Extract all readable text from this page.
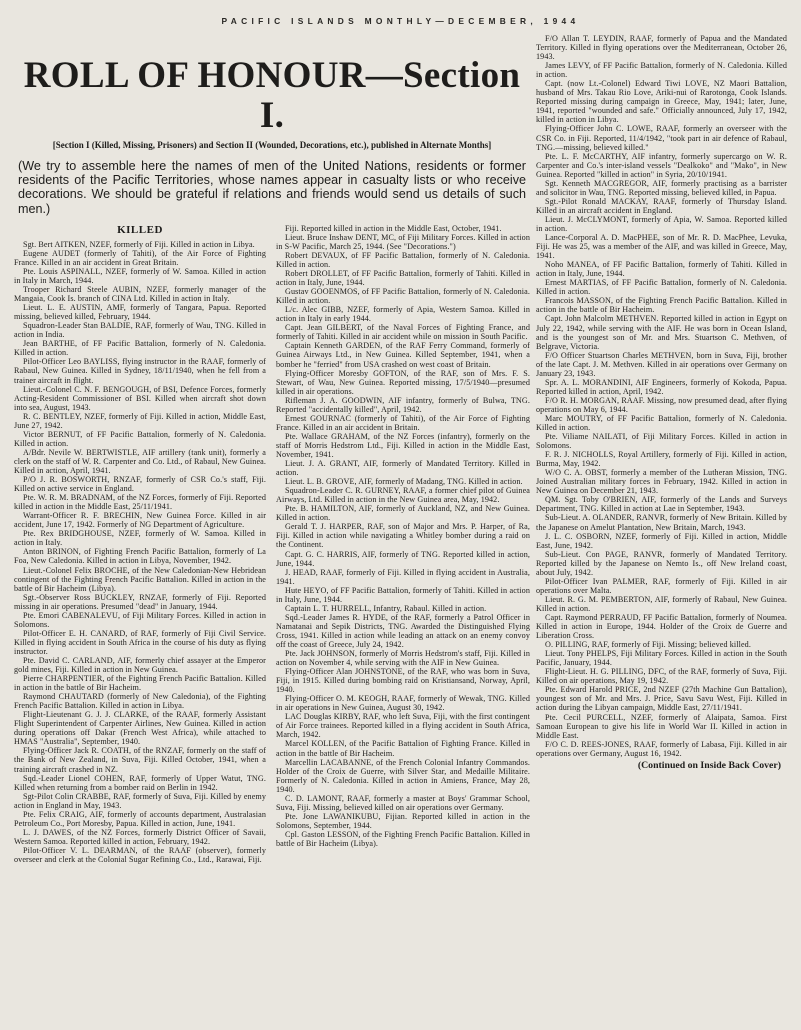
PACIFIC ISLANDS MONTHLY—DECEMBER, 1944
ROLL OF HONOUR—Section I.
[Section I (Killed, Missing, Prisoners) and Section II (Wounded, Decorations, etc.), published in Alternate Months]
(We try to assemble here the names of men of the United Nations, residents or former residents of the Pacific Territories, whose names appear in casualty lists or who receive decorations. We should be grateful if relations and friends would send us details of such men.)
KILLED

Sgt. Bert AITKEN, NZEF, formerly of Fiji. Killed in action in Libya.

Eugene AUDET (formerly of Tahiti), of the Air Force of Fighting France. Killed in an air accident in Great Britain.

Pte. Louis ASPINALL, NZEF, formerly of W. Samoa. Killed in action in Italy in March, 1944.

Trooper Richard Steele AUBIN, NZEF, formerly manager of the Mangaia, Cook Is. branch of CINA Ltd. Killed in action in Italy.

Lieut. L. E. AUSTIN, AMF, formerly of Tangara, Papua. Reported missing, believed killed, February, 1944.

Squadron-Leader Stan BALDIE, RAF, formerly of Wau, TNG. Killed in action in India.

Jean BARTHE, of FF Pacific Battalion, formerly of N. Caledonia. Killed in action.

Pilot-Officer Leo BAYLISS, flying instructor in the RAAF, formerly of Rabaul, New Guinea. Killed in Sydney, 18/11/1940, when he fell from a trainer aircraft in flight.

Lieut.-Colonel C. N. F. BENGOUGH, of BSI, Defence Forces, formerly Acting-Resident Commissioner of BSI. Killed when aircraft shot down into sea, August, 1943.

R. C. BENTLEY, NZEF, formerly of Fiji. Killed in action, Middle East, June 27, 1942.

Victor BERNUT, of FF Pacific Battalion, formerly of N. Caledonia. Killed in action.

A/Bdr. Nevile W. BERTWISTLE, AIF artillery (tank unit), formerly a clerk on the staff of W. R. Carpenter and Co. Ltd., of Rabaul, New Guinea. Killed in action, April, 1941.

P/O J. R. BOSWORTH, RNZAF, formerly of CSR Co.'s staff, Fiji. Killed on active service in England.

Pte. W. R. M. BRADNAM, of the NZ Forces, formerly of Fiji. Reported killed in action in the Middle East, 25/11/1941.

Warrant-Officer R. F. BRECHIN, New Guinea Force. Killed in air accident, June 17, 1942. Formerly of NG Department of Agriculture.

Pte. Rex BRIDGHOUSE, NZEF, formerly of W. Samoa. Killed in action in Italy.

Anton BRINON, of Fighting French Pacific Battalion, formerly of La Foa, New Caledonia. Killed in action in Libya, November, 1942.

Lieut.-Colonel Felix BROCHE, of the New Caledonian-New Hebridean contingent of the Fighting French Pacific Battalion. Killed in action in the battle of Bir Hacheim (Libya).

Sgt.-Observer Ross BUCKLEY, RNZAF, formerly of Fiji. Reported missing in air operations. Presumed "dead" in January, 1944.

Pte. Emori CABENALEVU, of Fiji Military Forces. Killed in action in Solomons.

Pilot-Officer E. H. CANARD, of RAF, formerly of Fiji Civil Service. Killed in flying accident in South Africa in the course of his duty as flying instructor.

Pte. David C. CARLAND, AIF, formerly chief assayer at the Emperor gold mines, Fiji. Killed in action in New Guinea.

Pierre CHARPENTIER, of the Fighting French Pacific Battalion. Killed in action in the battle of Bir Hacheim.

Raymond CHAUTARD (formerly of New Caledonia), of the Fighting French Pacific Battalion. Killed in action in Libya.

Flight-Lieutenant G. J. J. CLARKE, of the RAAF, formerly Assistant Flight Superintendent of Carpenter Airlines, New Guinea. Killed in action during operations off Dakar (French West Africa), while attached to HMAS "Australia", September, 1940.

Flying-Officer Jack R. COATH, of the RNZAF, formerly on the staff of the Bank of New Zealand, in Suva, Fiji. Killed October, 1941, when a training aircraft crashed in NZ.

Sqd.-Leader Lionel COHEN, RAF, formerly of Upper Watut, TNG. Killed when returning from a bomber raid on Berlin in 1942.

Sgt-Pilot Colin CRABBE, RAF, formerly of Suva, Fiji. Killed by enemy action in England in May, 1943.

Pte. Felix CRAIG, AIF, formerly of accounts department, Australasian Petroleum Co., Port Moresby, Papua. Killed in action, June, 1941.

L. J. DAWES, of the NZ Forces, formerly District Officer of Savaii, Western Samoa. Reported killed in action, February, 1942.

Pilot-Officer V. L. DEARMAN, of the RAAF (observer), formerly overseer and clerk at the Colonial Sugar Refining Co., Ltd., Rarawai, Fiji.

Fiji. Reported killed in action in the Middle East, October, 1941.

Lieut. Bruce Inshaw DENT, MC, of Fiji Military Forces. Killed in action in S-W Pacific, March 25, 1944. (See "Decorations.")

Robert DEVAUX, of FF Pacific Battalion, formerly of N. Caledonia. Killed in action.

Robert DROLLET, of FF Pacific Battalion, formerly of Tahiti. Killed in action in Italy, June, 1944.

Gustav GOOENMOS, of FF Pacific Battalion, formerly of N. Caledonia. Killed in action.

L/c. Alec GIBB, NZEF, formerly of Apia, Western Samoa. Killed in action in Italy in early 1944.

Capt. Jean GILBERT, of the Naval Forces of Fighting France, and formerly of Tahiti. Killed in air accident while on mission in South Pacific.

Captain Kenneth GARDEN, of the RAF Ferry Command, formerly of Guinea Airways Ltd., in New Guinea. Killed September, 1941, when a bomber he "ferried" from USA crashed on west coast of Britain.

Flying-Officer Moresby GOFTON, of the RAF, son of Mrs. F. S. Stewart, of Wau, New Guinea. Reported missing, 17/5/1940—presumed killed in air operations.

Rifleman J. A. GOODWIN, AIF infantry, formerly of Bulwa, TNG. Reported "accidentally killed", April, 1942.

Ernest GOURNAC (formerly of Tahiti), of the Air Force of Fighting France. Killed in an air accident in Britain.

Pte. Wallace GRAHAM, of the NZ Forces (infantry), formerly on the staff of Morris Hedstrom Ltd., Fiji. Killed in action in the Middle East, November, 1941.

Lieut. J. A. GRANT, AIF, formerly of Mandated Territory. Killed in action.

Lieut. L. B. GROVE, AIF, formerly of Madang, TNG. Killed in action.

Squadron-Leader C. R. GURNEY, RAAF, a former chief pilot of Guinea Airways, Ltd. Killed in action in the New Guinea area, May, 1942.

Pte. B. HAMILTON, AIF, formerly of Auckland, NZ, and New Guinea. Killed in action.

Gerald T. J. HARPER, RAF, son of Major and Mrs. P. Harper, of Ra, Fiji. Killed in action while navigating a Whitley bomber during a raid on the Continent.

Capt. G. C. HARRIS, AIF, formerly of TNG. Reported killed in action, June, 1944.

J. HEAD, RAAF, formerly of Fiji. Killed in flying accident in Australia, 1941.

Hute HEYO, of FF Pacific Battalion, formerly of Tahiti. Killed in action in Italy, June, 1944.

Captain L. T. HURRELL, Infantry, Rabaul. Killed in action.

Sqd.-Leader James R. HYDE, of the RAF, formerly a Patrol Officer in Namatanai and Sepik Districts, TNG. Awarded the Distinguished Flying Cross, 1941. Killed in action while leading an attack on an enemy convoy off the coast of Greece, July 24, 1942.

Pte. Jack JOHNSON, formerly of Morris Hedstrom's staff, Fiji. Killed in action on November 4, while serving with the AIF in New Guinea.

Flying-Officer Alan JOHNSTONE, of the RAF, who was born in Suva, Fiji, in 1915. Killed during bombing raid on Kristiansand, Norway, April, 1940.

Flying-Officer O. M. KEOGH, RAAF, formerly of Wewak, TNG. Killed in air operations in New Guinea, August 30, 1942.

LAC Douglas KIRBY, RAF, who left Suva, Fiji, with the first contingent of Air Force trainees. Reported killed in a flying accident in South Africa, March, 1942.

Marcel KOLLEN, of the Pacific Battalion of Fighting France. Killed in action in the battle of Bir Hacheim.

Marcellin LACABANNE, of the French Colonial Infantry Commandos. Holder of the Croix de Guerre, with Silver Star, and Medaille Militaire. Formerly of N. Caledonia. Killed in action in Amiens, France, May 28, 1940.

C. D. LAMONT, RAAF, formerly a master at Boys' Grammar School, Suva, Fiji. Missing, believed killed on air operations over Germany.

Pte. Jone LAWANIKUBU, Fijian. Reported killed in action in the Solomons, September, 1944.

Cpl. Gaston LESSON, of the Fighting French Pacific Battalion. Killed in battle of Bir Hacheim (Libya).

F/O Allan T. LEYDIN, RAAF, formerly of Papua and the Mandated Territory. Killed in flying operations over the Mediterranean, October 26, 1943.

James LEVY, of FF Pacific Battalion, formerly of N. Caledonia. Killed in action.

Capt. (now Lt.-Colonel) Edward Tiwi LOVE, NZ Maori Battalion, husband of Mrs. Takau Rio Love, Ariki-nui of Rarotonga, Cook Islands. Reported missing during campaign in Greece, May, 1941; later, June, 1941, reported "wounded and safe." Officially announced, July 17, 1942, killed in action in Libya.

Flying-Officer John C. LOWE, RAAF, formerly an overseer with the CSR Co. in Fiji. Reported, 11/4/1942, "took part in air defence of Rabaul, TNG.—missing, believed killed."

Pte. L. F. McCARTHY, AIF infantry, formerly supercargo on W. R. Carpenter and Co.'s inter-island vessels "Dealkoko" and "Mako", in New Guinea. Reported "killed in action" in Syria, 20/10/1941.

Sgt. Kenneth MACGREGOR, AIF, formerly practising as a barrister and solicitor in Wau, TNG. Reported missing, believed killed, in Papua.

Sgt.-Pilot Ronald MACKAY, RAAF, formerly of Thursday Island. Killed in an aircraft accident in England.

Lieut. J. McCLYMONT, formerly of Apia, W. Samoa. Reported killed in action.

Lance-Corporal A. D. MacPHEE, son of Mr. R. D. MacPhee, Levuka, Fiji. He was 25, was a member of the AIF, and was killed in Greece, May, 1941.

Noho MANEA, of FF Pacific Battalion, formerly of Tahiti. Killed in action in Italy, June, 1944.

Ernest MARTIAS, of FF Pacific Battalion, formerly of N. Caledonia. Killed in action.

Francois MASSON, of the Fighting French Pacific Battalion. Killed in action in the battle of Bir Hacheim.

Capt. John Malcolm METHVEN. Reported killed in action in Egypt on July 22, 1942, while serving with the AIF. He was born in Ocean Island, and is the youngest son of Mr. and Mrs. Stuartson C. Methven, of Belgrave, Victoria.

F/O Officer Stuartson Charles METHVEN, born in Suva, Fiji, brother of the late Capt. J. M. Methven. Killed in air operations over Germany on January 23, 1943.

Spr. A. L. MORANDINI, AIF Engineers, formerly of Kokoda, Papua. Reported killed in action, April, 1942.

F/O R. H. MORGAN, RAAF. Missing, now presumed dead, after flying operations on May 6, 1944.

Marc MOUTRY, of FF Pacific Battalion, formerly of N. Caledonia. Killed in action.

Pte. Viliame NAILATI, of Fiji Military Forces. Killed in action in Solomons.

F. R. J. NICHOLLS, Royal Artillery, formerly of Fiji. Killed in action, Burma, May, 1942.

W/O C. A. OBST, formerly a member of the Lutheran Mission, TNG. Joined Australian military forces in February, 1942. Killed in action in New Guinea on December 21, 1943.

QM. Sgt. Toby O'BRIEN, AIF, formerly of the Lands and Surveys Department, TNG. Killed in action at Lae in September, 1943.

Sub-Lieut. A. OLANDER, RANVR, formerly of New Britain. Killed by the Japanese on Amelut Plantation, New Britain, March, 1943.

J. L. C. OSBORN, NZEF, formerly of Fiji. Killed in action, Middle East, June, 1942.

Sub-Lieut. Con PAGE, RANVR, formerly of Mandated Territory. Reported killed by the Japanese on Nemto Is., off New Ireland coast, about July, 1942.

Pilot-Officer Ivan PALMER, RAF, formerly of Fiji. Killed in air operations over Malta.

Lieut. R. G. M. PEMBERTON, AIF, formerly of Rabaul, New Guinea. Killed in action.

Capt. Raymond PERRAUD, FF Pacific Battalion, formerly of Noumea. Killed in action in Europe, 1944. Holder of the Croix de Guerre and Liberation Cross.

O. PILLING, RAF, formerly of Fiji. Missing; believed killed.

Lieut. Tony PHELPS, Fiji Military Forces. Killed in action in the South Pacific, January, 1944.

Flight-Lieut. H. G. PILLING, DFC, of the RAF, formerly of Suva, Fiji. Killed on air operations, May 19, 1942.

Pte. Edward Harold PRICE, 2nd NZEF (27th Machine Gun Battalion), youngest son of Mr. and Mrs. J. Price, Savu Savu West, Fiji. Killed in action during the Libyan campaign, Middle East, 27/11/1941.

Pte. Cecil PURCELL, NZEF, formerly of Alaipata, Samoa. First Samoan European to give his life in World War II. Killed in action in Middle East.

F/O C. D. REES-JONES, RAAF, formerly of Labasa, Fiji. Killed in air operations over Germany, August 16, 1942.

(Continued on Inside Back Cover)
